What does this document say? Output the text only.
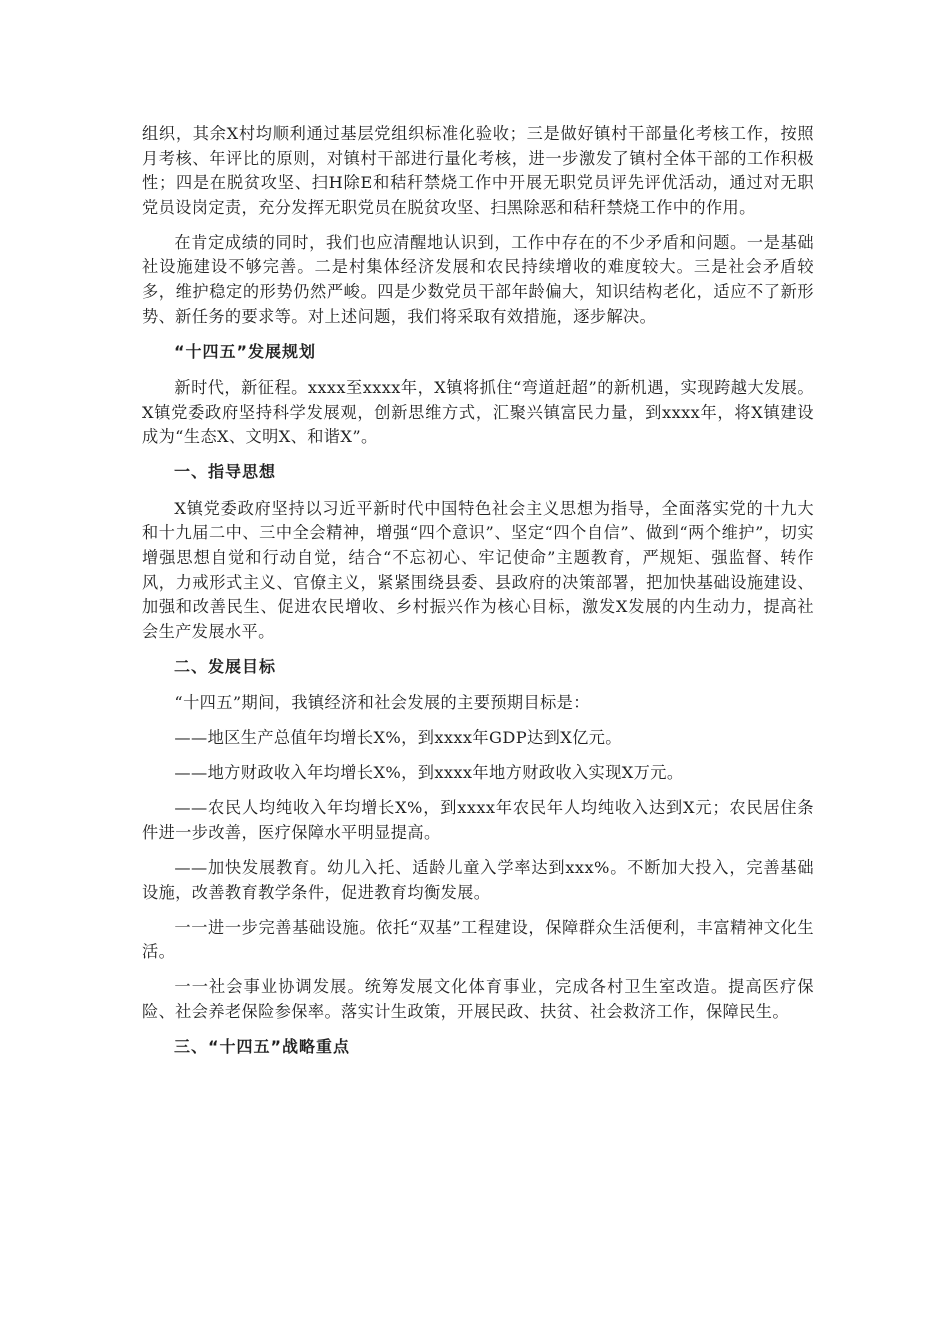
组织，其余X村均顺利通过基层党组织标准化验收；三是做好镇村干部量化考核工作，按照月考核、年评比的原则，对镇村干部进行量化考核，进一步激发了镇村全体干部的工作积极性；四是在脱贫攻坚、扫H除E和秸秆禁烧工作中开展无职党员评先评优活动，通过对无职党员设岗定责，充分发挥无职党员在脱贫攻坚、扫黑除恶和秸秆禁烧工作中的作用。

在肯定成绩的同时，我们也应清醒地认识到，工作中存在的不少矛盾和问题。一是基础社设施建设不够完善。二是村集体经济发展和农民持续增收的难度较大。三是社会矛盾较多，维护稳定的形势仍然严峻。四是少数党员干部年龄偏大，知识结构老化，适应不了新形势、新任务的要求等。对上述问题，我们将采取有效措施，逐步解决。

“十四五”发展规划

新时代，新征程。xxxx至xxxx年，X镇将抓住“弯道赶超”的新机遇，实现跨越大发展。X镇党委政府坚持科学发展观，创新思维方式，汇聚兴镇富民力量，到xxxx年，将X镇建设成为“生态X、文明X、和谐X”。

一、指导思想

X镇党委政府坚持以习近平新时代中国特色社会主义思想为指导，全面落实党的十九大和十九届二中、三中全会精神，增强“四个意识”、坚定“四个自信”、做到“两个维护”，切实增强思想自觉和行动自觉，结合“不忘初心、牢记使命”主题教育，严规矩、强监督、转作风，力戒形式主义、官僚主义，紧紧围绕县委、县政府的决策部署，把加快基础设施建设、加强和改善民生、促进农民增收、乡村振兴作为核心目标，激发X发展的内生动力，提高社会生产发展水平。

二、发展目标

“十四五”期间，我镇经济和社会发展的主要预期目标是：

——地区生产总值年均增长X%，到xxxx年GDP达到X亿元。

——地方财政收入年均增长X%，到xxxx年地方财政收入实现X万元。

——农民人均纯收入年均增长X%，到xxxx年农民年人均纯收入达到X元；农民居住条件进一步改善，医疗保障水平明显提高。

——加快发展教育。幼儿入托、适龄儿童入学率达到xxx%。不断加大投入，完善基础设施，改善教育教学条件，促进教育均衡发展。

一一进一步完善基础设施。依托“双基”工程建设，保障群众生活便利，丰富精神文化生活。

一一社会事业协调发展。统筹发展文化体育事业，完成各村卫生室改造。提高医疗保险、社会养老保险参保率。落实计生政策，开展民政、扶贫、社会救济工作，保障民生。

三、“十四五”战略重点
